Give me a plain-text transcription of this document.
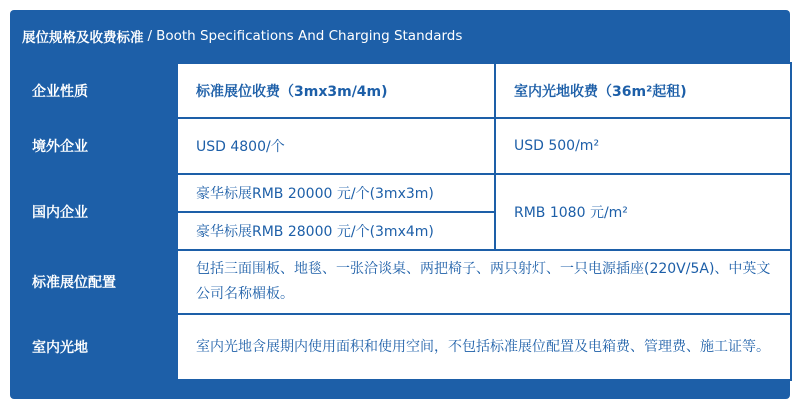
展位规格及收费标准 / Booth Specifications And Charging Standards
企业性质	标准展位收费（3mx3m/4m)	室内光地收费（36m²起租)
境外企业	USD 4800/个	USD 500/m²
国内企业	豪华标展RMB 20000 元/个(3mx3m)	RMB 1080 元/m²
	豪华标展RMB 28000 元/个(3mx4m)	
标准展位配置	包括三面围板、地毯、一张洽谈桌、两把椅子、两只射灯、一只电源插座(220V/5A)、中英文公司名称楣板。	
室内光地	室内光地含展期内使用面积和使用空间，不包括标准展位配置及电箱费、管理费、施工证等。	
